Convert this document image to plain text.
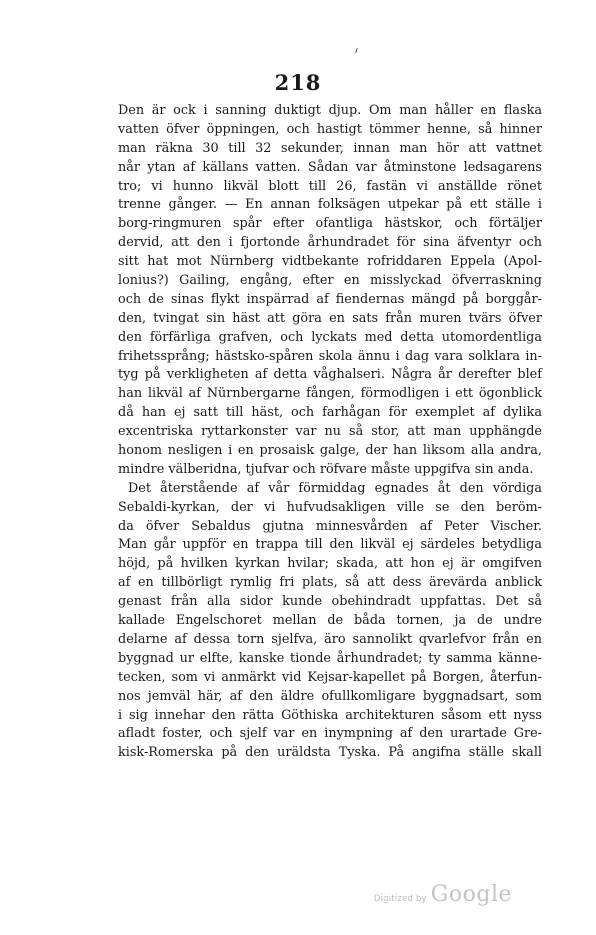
218
Den är ock i sanning duktigt djup. Om man håller en flaska
vatten öfver öppningen, och hastigt tömmer henne, så hinner
man räkna 30 till 32 sekunder, innan man hör att vattnet
når ytan af källans vatten. Sådan var åtminstone ledsagarens
tro; vi hunno likväl blott till 26, fastän vi anställde rönet
trenne gånger. — En annan folksägen utpekar på ett ställe i
borg-ringmuren spår efter ofantliga hästskor, och förtäljer
dervid, att den i fjortonde århundradet för sina äfventyr och
sitt hat mot Nürnberg vidtbekante rofriddaren Eppela (Apol-
lonius?) Gailing, engång, efter en misslyckad öfverraskning
och de sinas flykt inspärrad af fiendernas mängd på borggår-
den, tvingat sin häst att göra en sats från muren tvärs öfver
den förfärliga grafven, och lyckats med detta utomordentliga
frihetssprång; hästsko-spåren skola ännu i dag vara solklara in-
tyg på verkligheten af detta våghalseri. Några år derefter blef
han likväl af Nürnbergarne fången, förmodligen i ett ögonblick
då han ej satt till häst, och farhågan för exemplet af dylika
excentriska ryttarkonster var nu så stor, att man upphängde
honom nesligen i en prosaisk galge, der han liksom alla andra,
mindre välberidna, tjufvar och röfvare måste uppgifva sin anda.
Det återstående af vår förmiddag egnades åt den vördiga
Sebaldi-kyrkan, der vi hufvudsakligen ville se den beröm-
da öfver Sebaldus gjutna minnesvården af Peter Vischer.
Man går uppför en trappa till den likväl ej särdeles betydliga
höjd, på hvilken kyrkan hvilar; skada, att hon ej är omgifven
af en tillbörligt rymlig fri plats, så att dess ärevärda anblick
genast från alla sidor kunde obehindradt uppfattas. Det så
kallade Engelschoret mellan de båda tornen, ja de undre
delarne af dessa torn sjelfva, äro sannolikt qvarlefvor från en
byggnad ur elfte, kanske tionde århundradet; ty samma känne-
tecken, som vi anmärkt vid Kejsar-kapellet på Borgen, återfun-
nos jemväl här, af den äldre ofullkomligare byggnadsart, som
i sig innehar den rätta Göthiska architekturen såsom ett nyss
afladt foster, och sjelf var en inympning af den urartade Gre-
kisk-Romerska på den uräldsta Tyska. På angifna ställe skall
Digitized by Google
